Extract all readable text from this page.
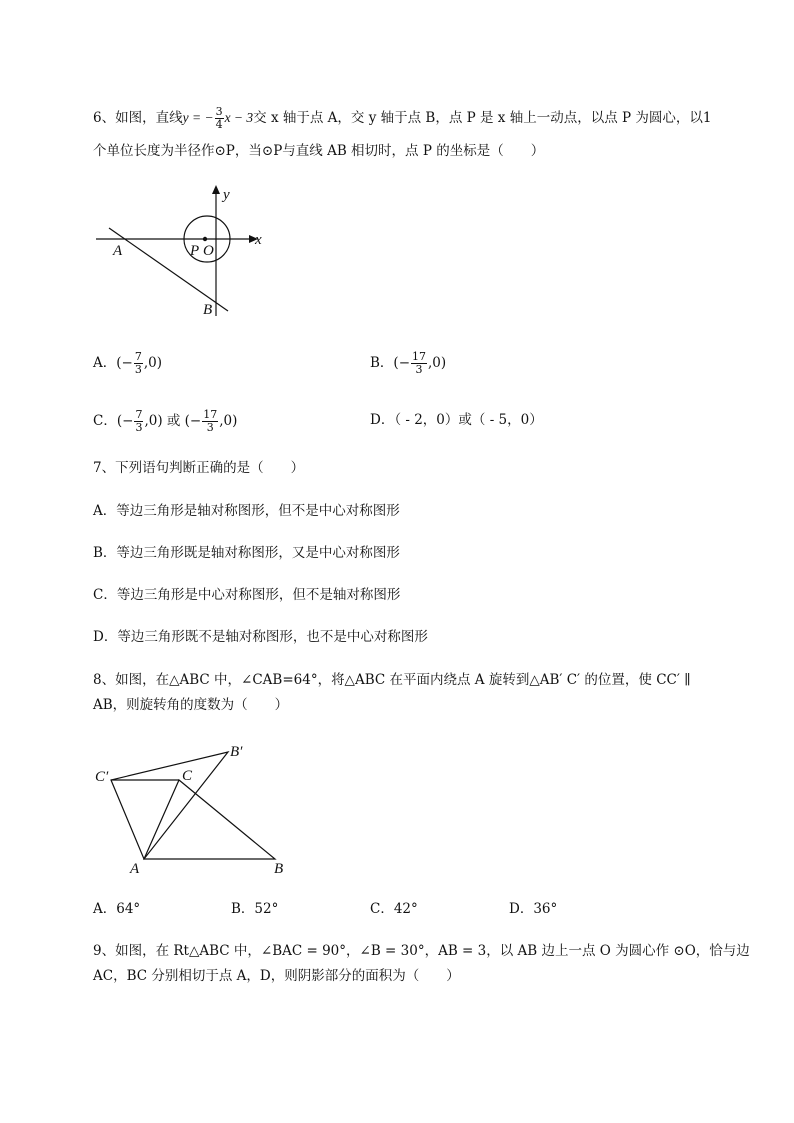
6、如图，直线y = − $\frac{3}{4}$ x − 3交 x 轴于点 A，交 y 轴于点 B，点 P 是 x 轴上一动点，以点 P 为圆心，以1
个单位长度为半径作⊙P，当⊙P与直线 AB 相切时，点 P 的坐标是（　　）
y
x
A	P O
B
A．(− $\frac{7}{3} ,0$)	B．(− $\frac{17}{3} ,0$)
C．(− $\frac{7}{3} ,0$) 或 (− $\frac{17}{3} ,0$)	D．（ - 2，0）或（ - 5，0）
7、下列语句判断正确的是（　　）
A．等边三角形是轴对称图形，但不是中心对称图形
B．等边三角形既是轴对称图形，又是中心对称图形
C．等边三角形是中心对称图形，但不是轴对称图形
D．等边三角形既不是轴对称图形，也不是中心对称图形
8、如图，在△ABC 中，∠CAB=64°，将△ABC 在平面内绕点 A 旋转到△AB′ C′ 的位置，使 CC′ ∥
AB，则旋转角的度数为（　　）
B′
C′	C
A	B
A．64°	B．52°	C．42°	D．36°
9、如图，在 Rt△ABC 中，∠BAC = 90°，∠B = 30°，AB = 3，以 AB 边上一点 O 为圆心作 ⊙O，恰与边
AC，BC 分别相切于点 A，D，则阴影部分的面积为（　　）
